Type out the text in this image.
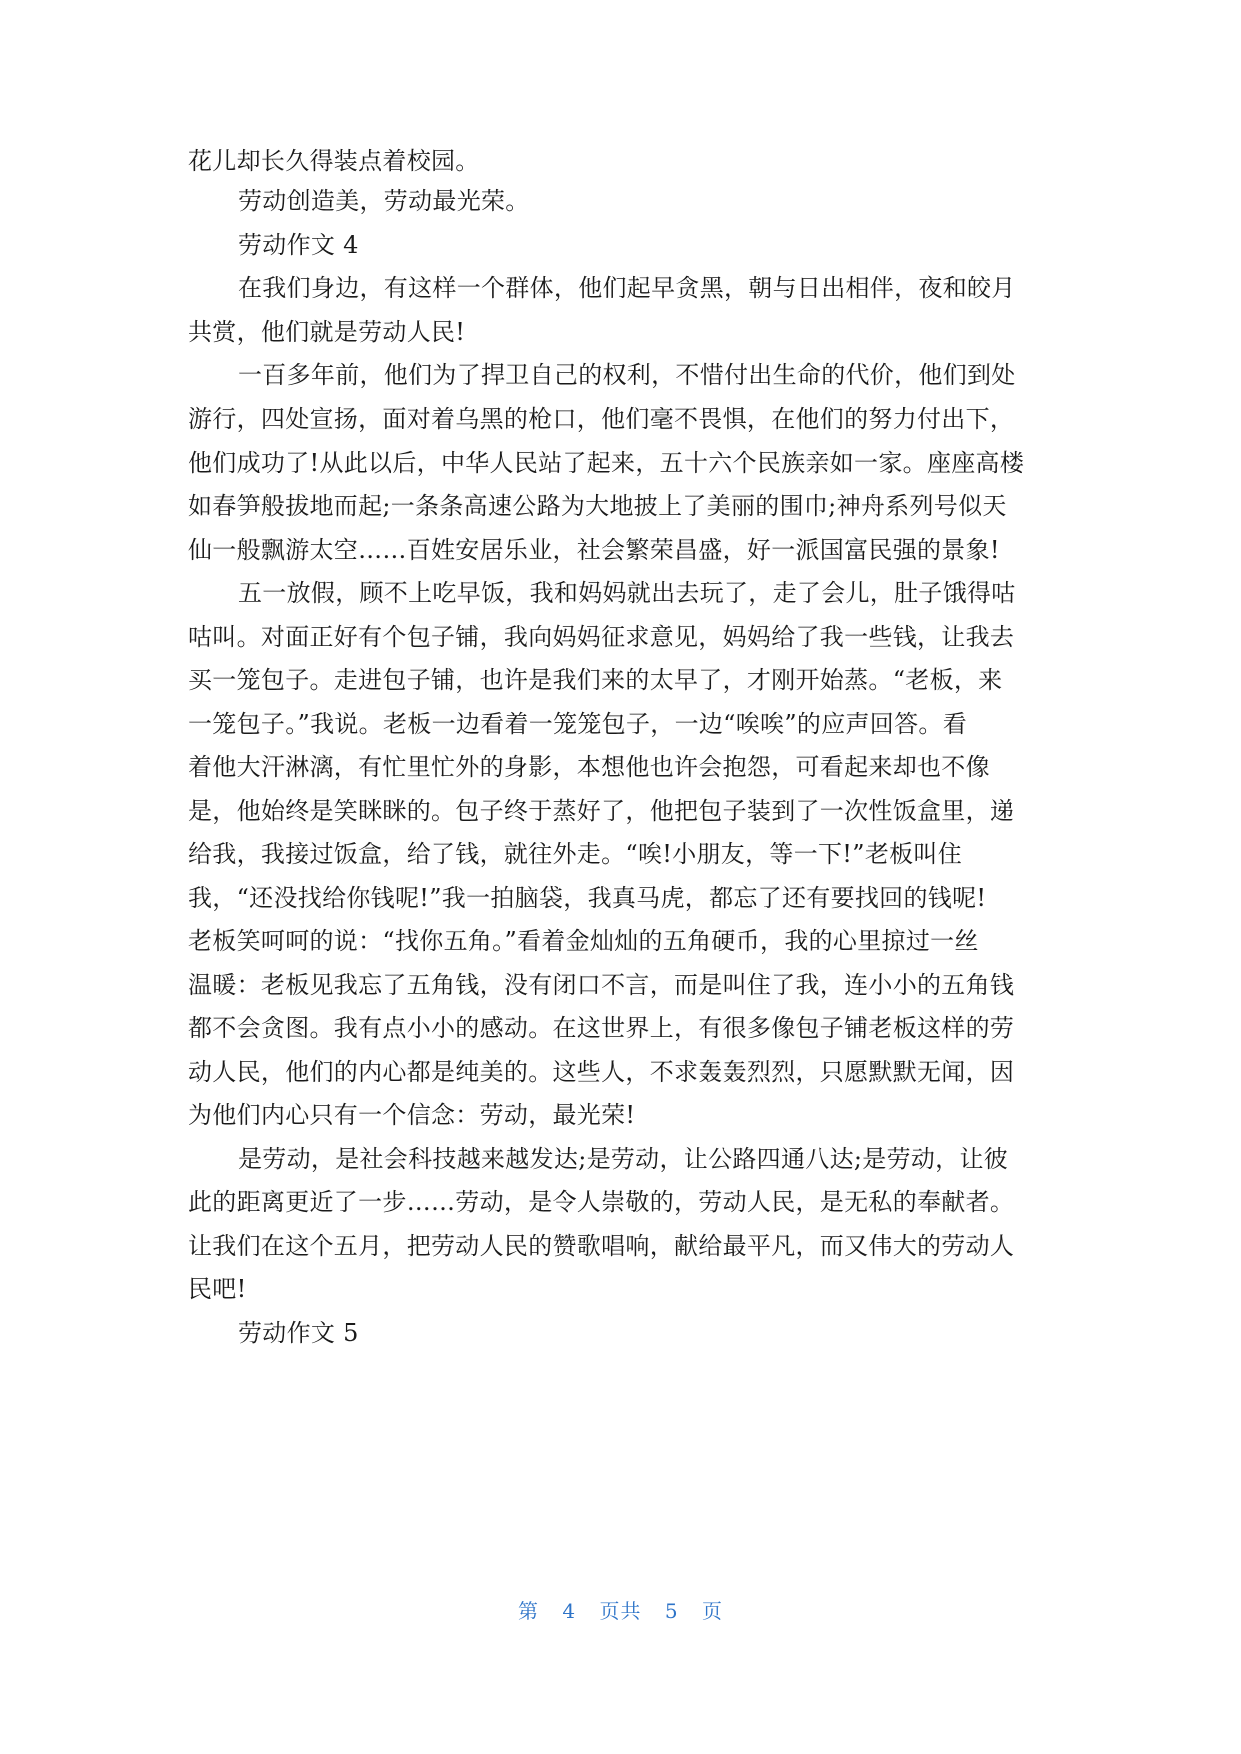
花儿却长久得装点着校园。
劳动创造美，劳动最光荣。
劳动作文 4
在我们身边，有这样一个群体，他们起早贪黑，朝与日出相伴，夜和皎月
共赏，他们就是劳动人民!
一百多年前，他们为了捍卫自己的权利，不惜付出生命的代价，他们到处
游行，四处宣扬，面对着乌黑的枪口，他们毫不畏惧，在他们的努力付出下，
他们成功了!从此以后，中华人民站了起来，五十六个民族亲如一家。座座高楼
如春笋般拔地而起;一条条高速公路为大地披上了美丽的围巾;神舟系列号似天
仙一般飘游太空……百姓安居乐业，社会繁荣昌盛，好一派国富民强的景象!
五一放假，顾不上吃早饭，我和妈妈就出去玩了，走了会儿，肚子饿得咕
咕叫。对面正好有个包子铺，我向妈妈征求意见，妈妈给了我一些钱，让我去
买一笼包子。走进包子铺，也许是我们来的太早了，才刚开始蒸。“老板，来
一笼包子。”我说。老板一边看着一笼笼包子，一边“唉唉”的应声回答。看
着他大汗淋漓，有忙里忙外的身影，本想他也许会抱怨，可看起来却也不像
是，他始终是笑眯眯的。包子终于蒸好了，他把包子装到了一次性饭盒里，递
给我，我接过饭盒，给了钱，就往外走。“唉!小朋友，等一下!”老板叫住
我，“还没找给你钱呢!”我一拍脑袋，我真马虎，都忘了还有要找回的钱呢!
老板笑呵呵的说：“找你五角。”看着金灿灿的五角硬币，我的心里掠过一丝
温暖：老板见我忘了五角钱，没有闭口不言，而是叫住了我，连小小的五角钱
都不会贪图。我有点小小的感动。在这世界上，有很多像包子铺老板这样的劳
动人民，他们的内心都是纯美的。这些人，不求轰轰烈烈，只愿默默无闻，因
为他们内心只有一个信念：劳动，最光荣!
是劳动，是社会科技越来越发达;是劳动，让公路四通八达;是劳动，让彼
此的距离更近了一步……劳动，是令人崇敬的，劳动人民，是无私的奉献者。
让我们在这个五月，把劳动人民的赞歌唱响，献给最平凡，而又伟大的劳动人
民吧!
劳动作文 5
第 4 页共 5 页
